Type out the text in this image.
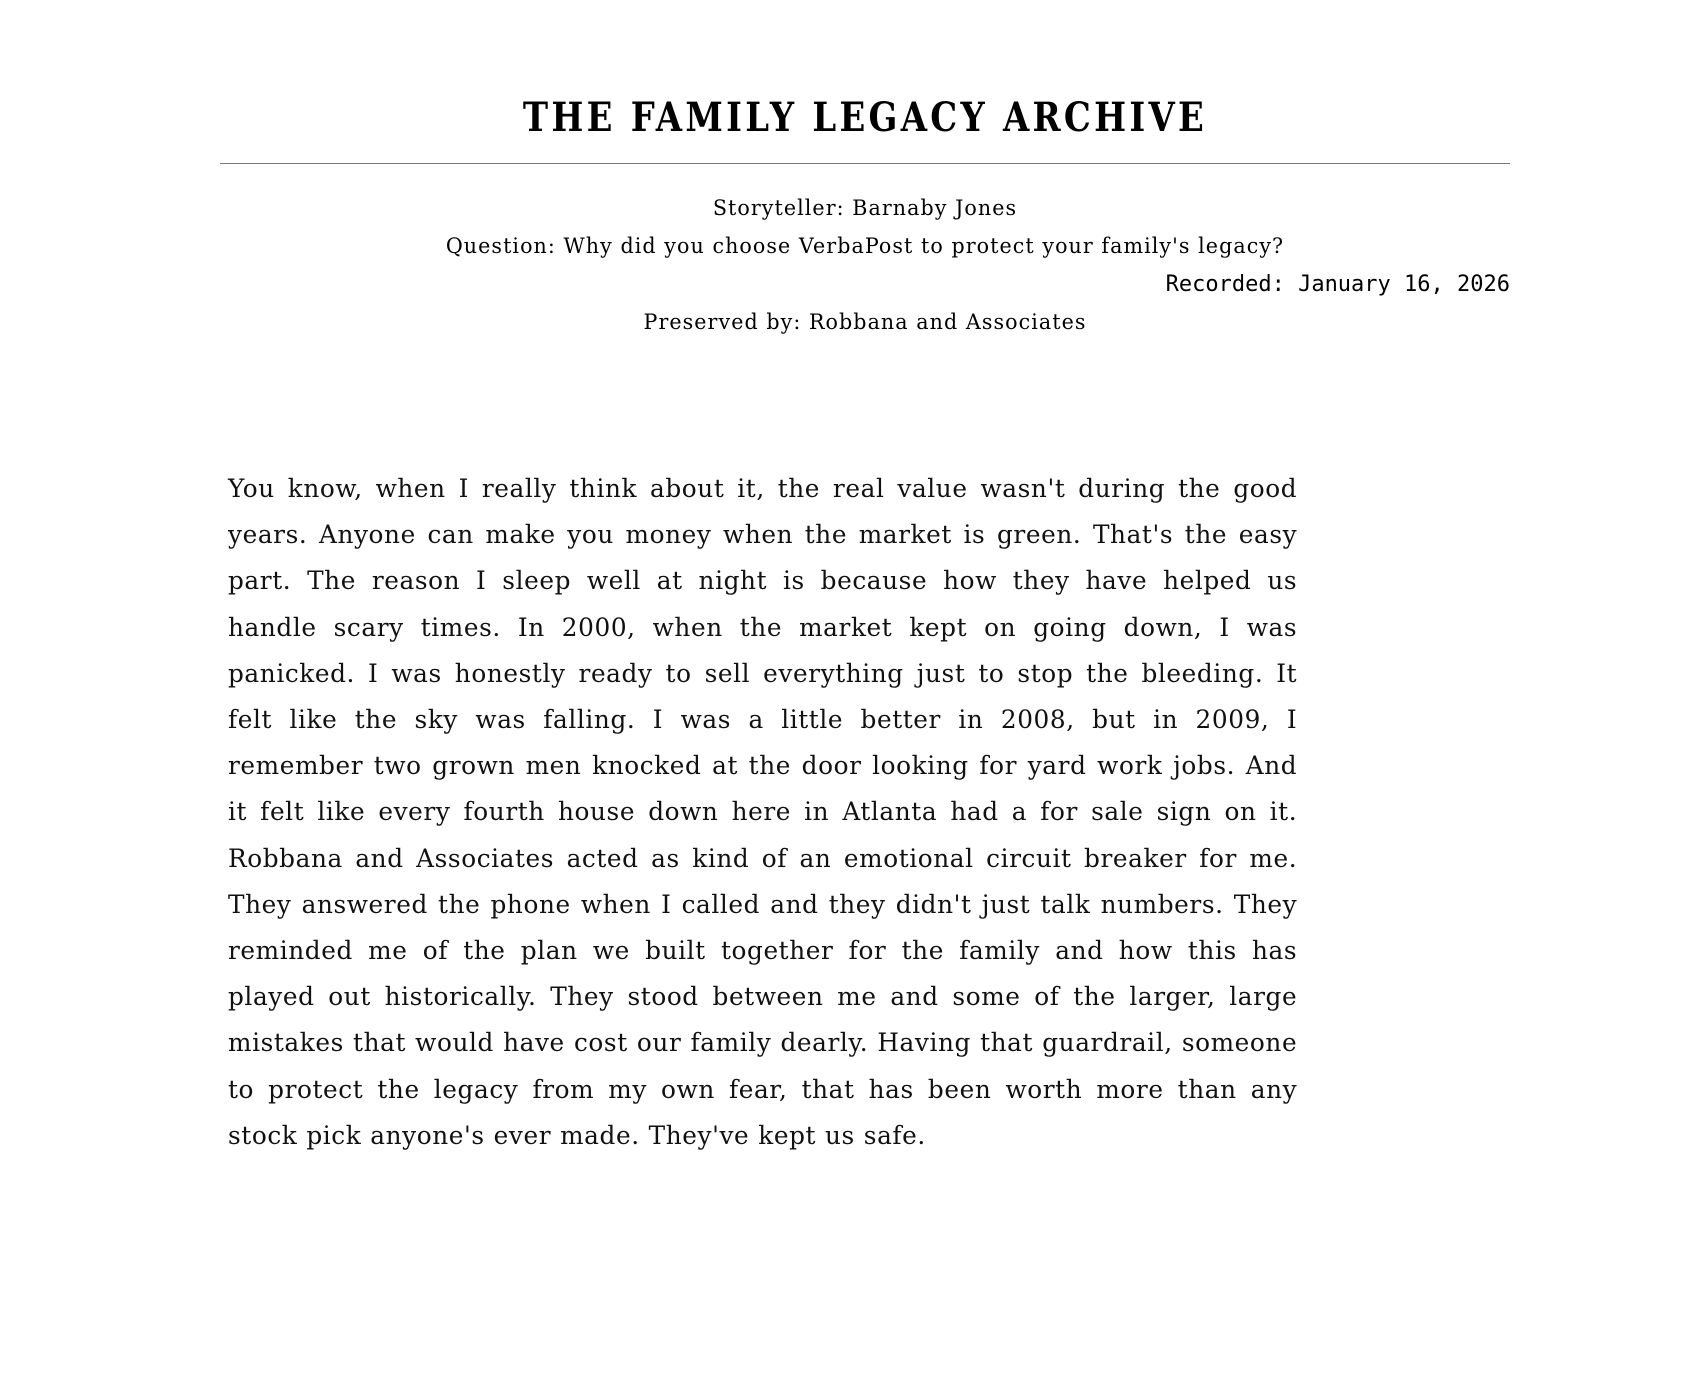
THE FAMILY LEGACY ARCHIVE
Storyteller: Barnaby Jones
Question: Why did you choose VerbaPost to protect your family's legacy?
Recorded: January 16, 2026
Preserved by: Robbana and Associates

You know, when I really think about it, the real value wasn't during the good years. Anyone can make you money when the market is green. That's the easy part. The reason I sleep well at night is because how they have helped us handle scary times. In 2000, when the market kept on going down, I was panicked. I was honestly ready to sell everything just to stop the bleeding. It felt like the sky was falling. I was a little better in 2008, but in 2009, I remember two grown men knocked at the door looking for yard work jobs. And it felt like every fourth house down here in Atlanta had a for sale sign on it. Robbana and Associates acted as kind of an emotional circuit breaker for me. They answered the phone when I called and they didn't just talk numbers. They reminded me of the plan we built together for the family and how this has played out historically. They stood between me and some of the larger, large mistakes that would have cost our family dearly. Having that guardrail, someone to protect the legacy from my own fear, that has been worth more than any stock pick anyone's ever made. They've kept us safe.
